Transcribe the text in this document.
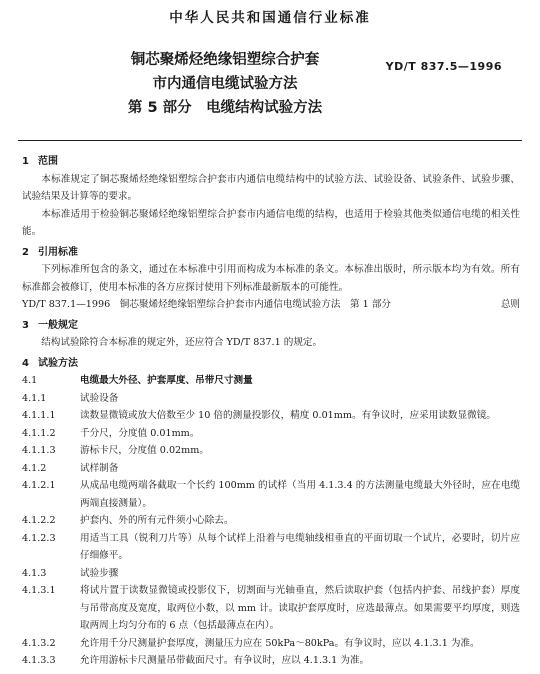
中华人民共和国通信行业标准
铜芯聚烯烃绝缘铝塑综合护套
市内通信电缆试验方法
第 5 部分　电缆结构试验方法
YD/T 837.5—1996
1 范围
本标准规定了铜芯聚烯烃绝缘铝塑综合护套市内通信电缆结构中的试验方法、试验设备、试验条件、试验步骤、试验结果及计算等的要求。
本标准适用于检验铜芯聚烯烃绝缘铝塑综合护套市内通信电缆的结构，也适用于检验其他类似通信电缆的相关性能。
2 引用标准
下列标准所包含的条文，通过在本标准中引用而构成为本标准的条文。本标准出版时，所示版本均为有效。所有标准都会被修订，使用本标准的各方应探讨使用下列标准最新版本的可能性。
YD/T 837.1—1996　铜芯聚烯烃绝缘铝塑综合护套市内通信电缆试验方法　第 1 部分	总则
3 一般规定
结构试验除符合本标准的规定外，还应符合 YD/T 837.1 的规定。
4 试验方法
4.1	电缆最大外径、护套厚度、吊带尺寸测量
4.1.1	试验设备
4.1.1.1	读数显微镜或放大倍数至少 10 倍的测量投影仪，精度 0.01mm。有争议时，应采用读数显微镜。
4.1.1.2	千分尺，分度值 0.01mm。
4.1.1.3	游标卡尺，分度值 0.02mm。
4.1.2	试样制备
4.1.2.1	从成品电缆两端各截取一个长约 100mm 的试样（当用 4.1.3.4 的方法测量电缆最大外径时，应在电缆两端直接测量）。
4.1.2.2	护套内、外的所有元件须小心除去。
4.1.2.3	用适当工具（锐利刀片等）从每个试样上沿着与电缆轴线相垂直的平面切取一个试片，必要时，切片应仔细修平。
4.1.3	试验步骤
4.1.3.1	将试片置于读数显微镜或投影仪下，切割面与光轴垂直，然后读取护套（包括内护套、吊线护套）厚度与吊带高度及宽度，取两位小数，以 mm 计。读取护套厚度时，应选最薄点。如果需要平均厚度，则选取两周上均匀分布的 6 点（包括最薄点在内）。
4.1.3.2	允许用千分尺测量护套厚度，测量压力应在 50kPa～80kPa。有争议时，应以 4.1.3.1 为准。
4.1.3.3	允许用游标卡尺测量吊带截面尺寸。有争议时，应以 4.1.3.1 为准。
